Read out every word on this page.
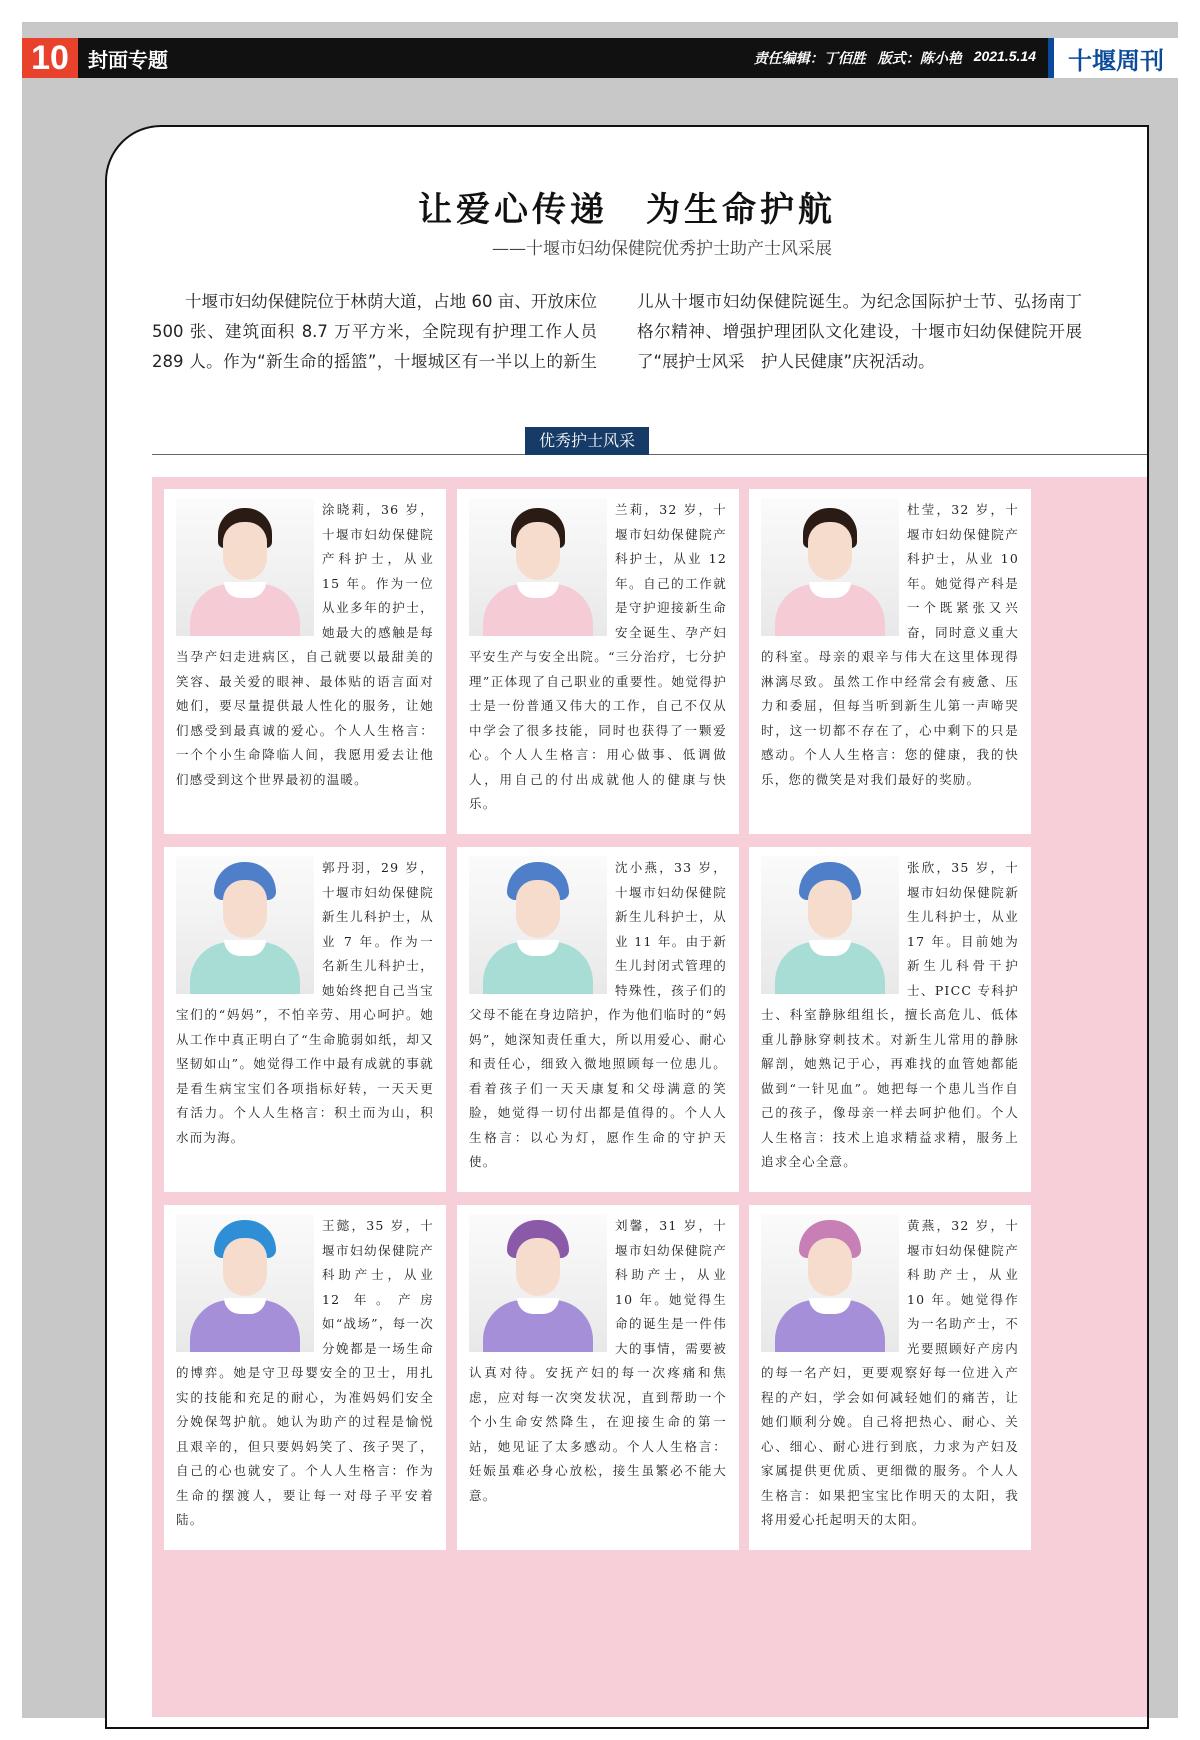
10 封面专题	责任编辑：丁佰胜 版式：陈小艳 2021.5.14	十堰周刊
让爱心传递　为生命护航
——十堰市妇幼保健院优秀护士助产士风采展

十堰市妇幼保健院位于林荫大道，占地 60 亩、开放床位 500 张、建筑面积 8.7 万平方米，全院现有护理工作人员 289 人。作为“新生命的摇篮”，十堰城区有一半以上的新生儿从十堰市妇幼保健院诞生。为纪念国际护士节、弘扬南丁格尔精神、增强护理团队文化建设，十堰市妇幼保健院开展了“展护士风采　护人民健康”庆祝活动。

优秀护士风采

涂晓莉，36 岁，十堰市妇幼保健院产科护士，从业 15 年。作为一位从业多年的护士，她最大的感触是每当孕产妇走进病区，自己就要以最甜美的笑容、最关爱的眼神、最体贴的语言面对她们，要尽量提供最人性化的服务，让她们感受到最真诚的爱心。个人人生格言：一个个小生命降临人间，我愿用爱去让他们感受到这个世界最初的温暖。

兰莉，32 岁，十堰市妇幼保健院产科护士，从业 12 年。自己的工作就是守护迎接新生命安全诞生、孕产妇平安生产与安全出院。“三分治疗，七分护理”正体现了自己职业的重要性。她觉得护士是一份普通又伟大的工作，自己不仅从中学会了很多技能，同时也获得了一颗爱心。个人人生格言：用心做事、低调做人，用自己的付出成就他人的健康与快乐。

杜莹，32 岁，十堰市妇幼保健院产科护士，从业 10 年。她觉得产科是一个既紧张又兴奋，同时意义重大的科室。母亲的艰辛与伟大在这里体现得淋漓尽致。虽然工作中经常会有疲惫、压力和委屈，但每当听到新生儿第一声啼哭时，这一切都不存在了，心中剩下的只是感动。个人人生格言：您的健康，我的快乐，您的微笑是对我们最好的奖励。

郭丹羽，29 岁，十堰市妇幼保健院新生儿科护士，从业 7 年。作为一名新生儿科护士，她始终把自己当宝宝们的“妈妈”，不怕辛劳、用心呵护。她从工作中真正明白了“生命脆弱如纸，却又坚韧如山”。她觉得工作中最有成就的事就是看生病宝宝们各项指标好转，一天天更有活力。个人人生格言：积土而为山，积水而为海。

沈小燕，33 岁，十堰市妇幼保健院新生儿科护士，从业 11 年。由于新生儿封闭式管理的特殊性，孩子们的父母不能在身边陪护，作为他们临时的“妈妈”，她深知责任重大，所以用爱心、耐心和责任心，细致入微地照顾每一位患儿。看着孩子们一天天康复和父母满意的笑脸，她觉得一切付出都是值得的。个人人生格言：以心为灯，愿作生命的守护天使。

张欣，35 岁，十堰市妇幼保健院新生儿科护士，从业 17 年。目前她为新生儿科骨干护士、PICC 专科护士、科室静脉组组长，擅长高危儿、低体重儿静脉穿刺技术。对新生儿常用的静脉解剖，她熟记于心，再难找的血管她都能做到“一针见血”。她把每一个患儿当作自己的孩子，像母亲一样去呵护他们。个人人生格言：技术上追求精益求精，服务上追求全心全意。

王懿，35 岁，十堰市妇幼保健院产科助产士，从业 12 年。产房如“战场”，每一次分娩都是一场生命的博弈。她是守卫母婴安全的卫士，用扎实的技能和充足的耐心，为准妈妈们安全分娩保驾护航。她认为助产的过程是愉悦且艰辛的，但只要妈妈笑了、孩子哭了，自己的心也就安了。个人人生格言：作为生命的摆渡人，要让每一对母子平安着陆。

刘馨，31 岁，十堰市妇幼保健院产科助产士，从业 10 年。她觉得生命的诞生是一件伟大的事情，需要被认真对待。安抚产妇的每一次疼痛和焦虑，应对每一次突发状况，直到帮助一个个小生命安然降生，在迎接生命的第一站，她见证了太多感动。个人人生格言：妊娠虽难必身心放松，接生虽繁必不能大意。

黄燕，32 岁，十堰市妇幼保健院产科助产士，从业 10 年。她觉得作为一名助产士，不光要照顾好产房内的每一名产妇，更要观察好每一位进入产程的产妇，学会如何减轻她们的痛苦，让她们顺利分娩。自己将把热心、耐心、关心、细心、耐心进行到底，力求为产妇及家属提供更优质、更细微的服务。个人人生格言：如果把宝宝比作明天的太阳，我将用爱心托起明天的太阳。
